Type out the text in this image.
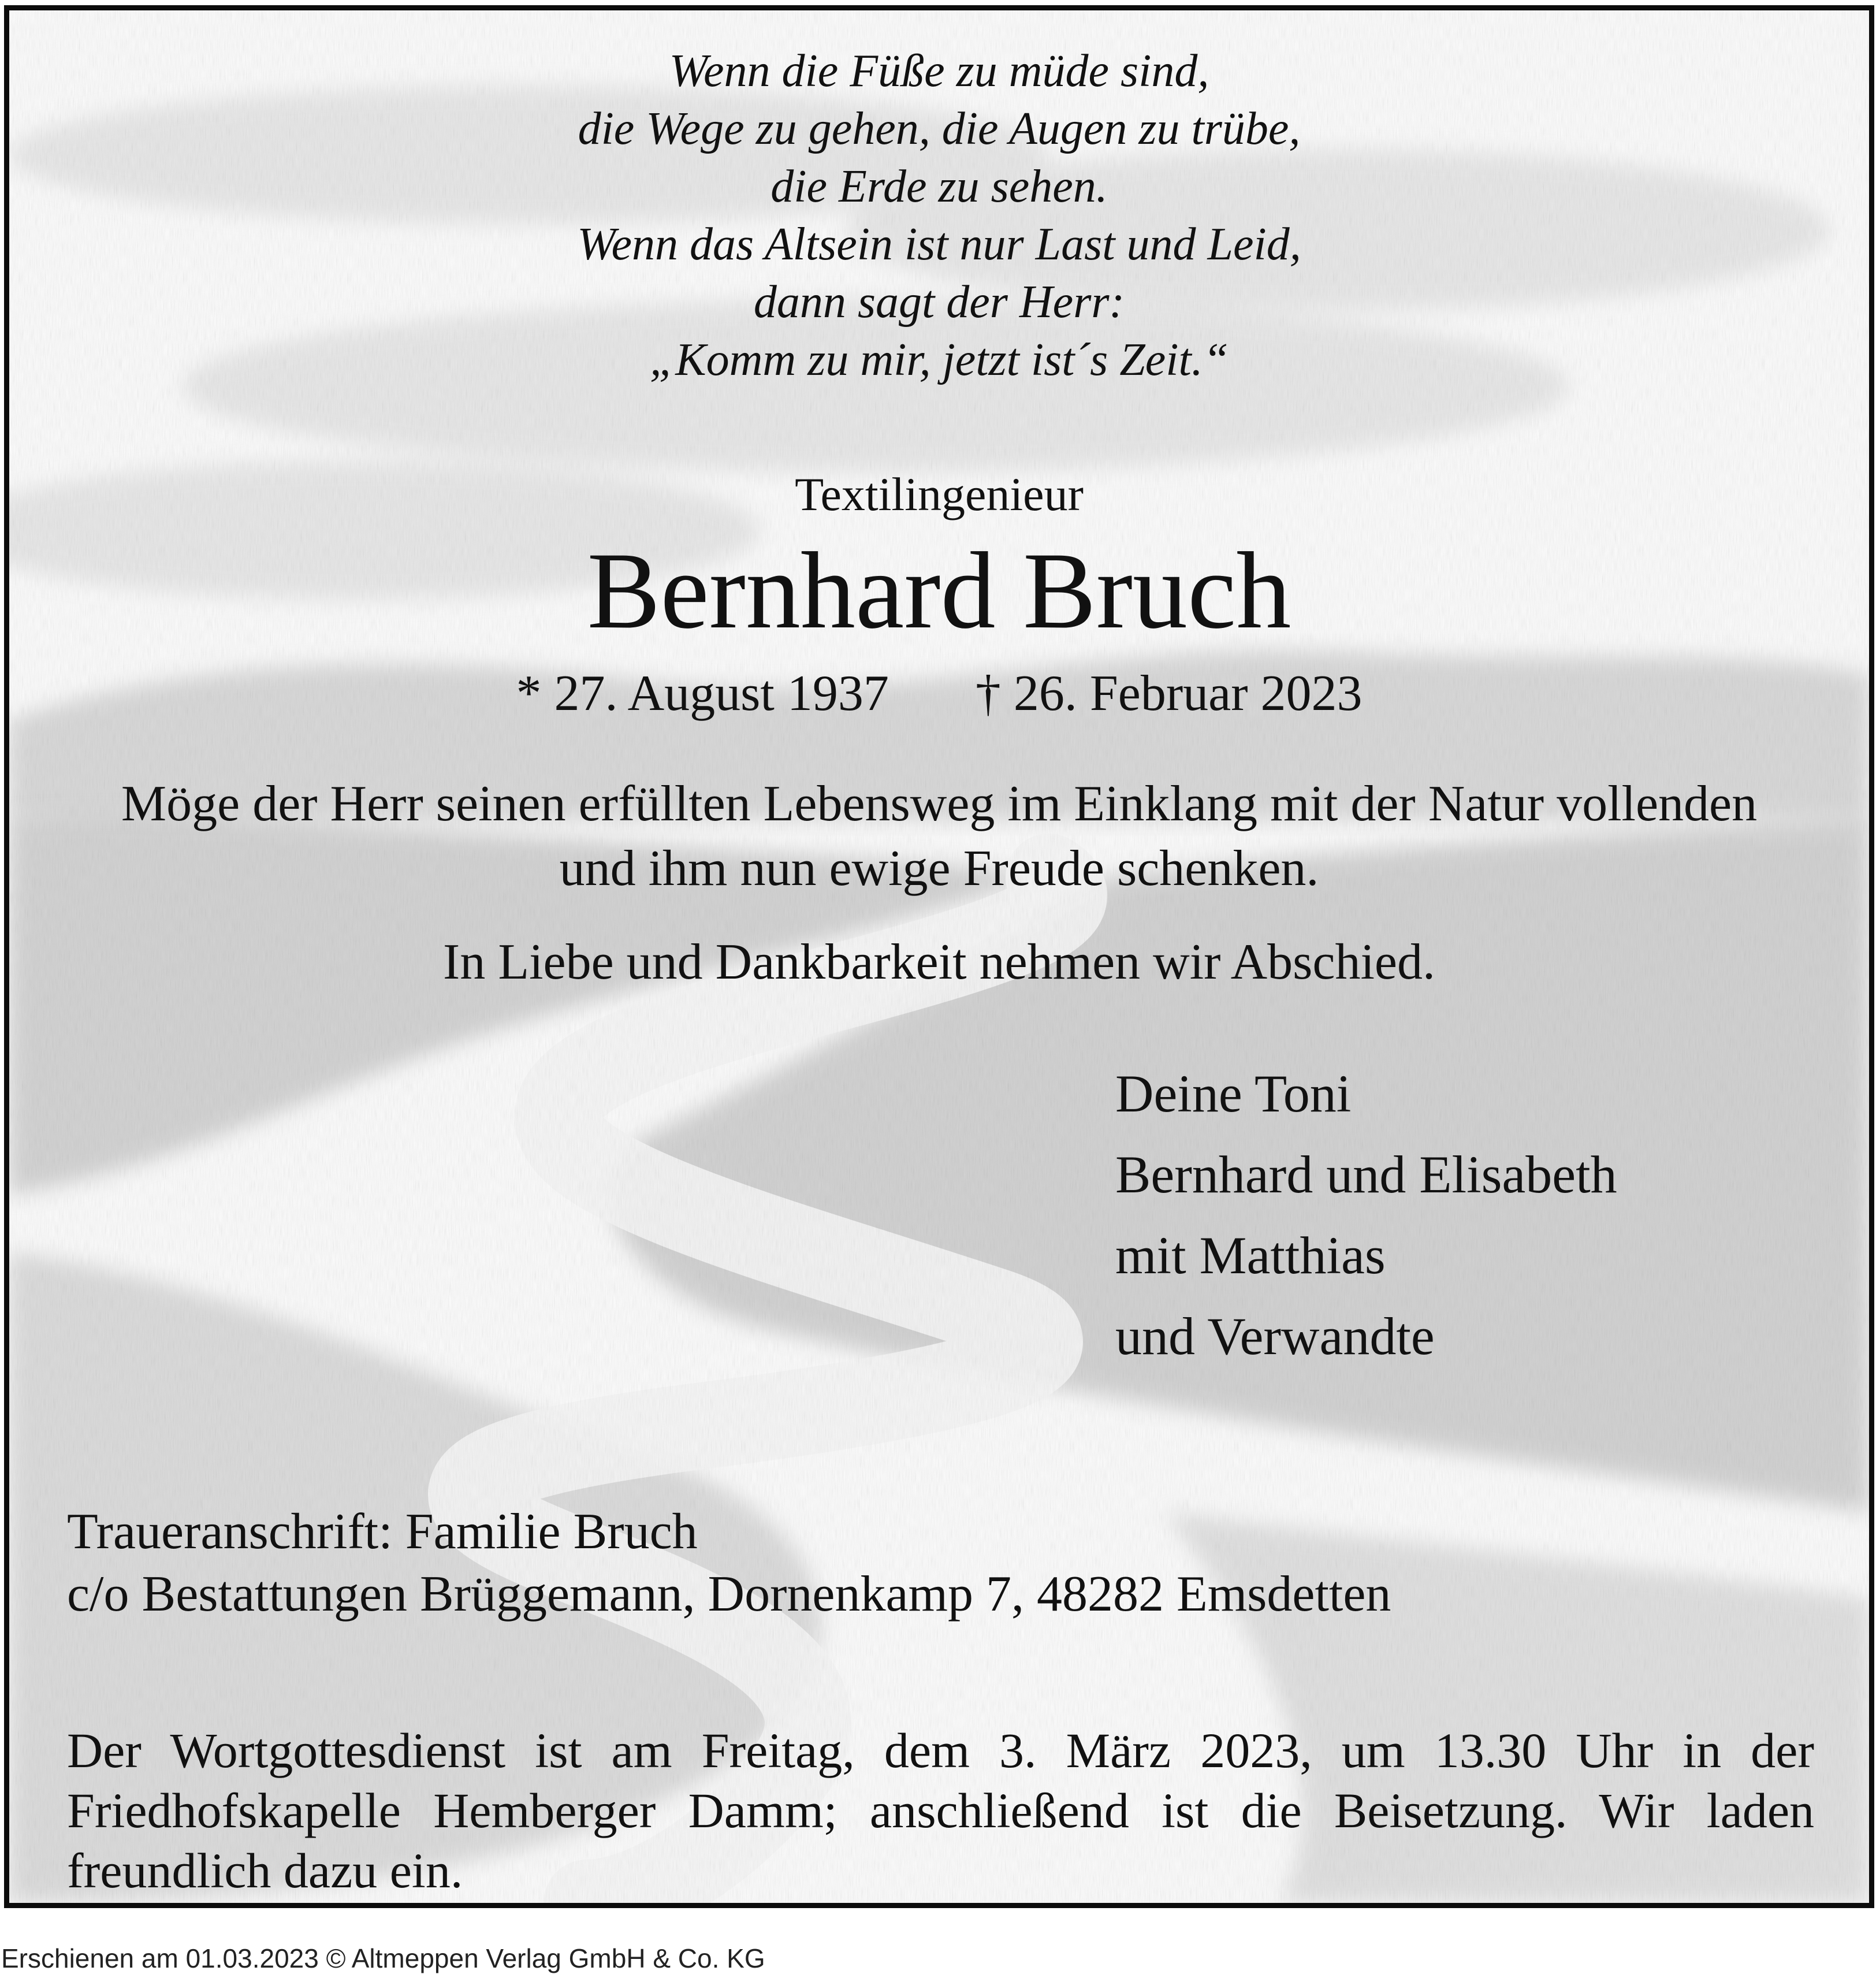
Wenn die Füße zu müde sind,
die Wege zu gehen, die Augen zu trübe,
die Erde zu sehen.
Wenn das Altsein ist nur Last und Leid,
dann sagt der Herr:
„Komm zu mir, jetzt ist´s Zeit.“
Textilingenieur
Bernhard Bruch
* 27. August 1937 † 26. Februar 2023
Möge der Herr seinen erfüllten Lebensweg im Einklang mit der Natur vollenden
und ihm nun ewige Freude schenken.
In Liebe und Dankbarkeit nehmen wir Abschied.
Deine Toni
Bernhard und Elisabeth
mit Matthias
und Verwandte
Traueranschrift: Familie Bruch
c/o Bestattungen Brüggemann, Dornenkamp 7, 48282 Emsdetten
Der Wortgottesdienst ist am Freitag, dem 3. März 2023, um 13.30 Uhr in der Friedhofskapelle Hemberger Damm; anschließend ist die Beisetzung. Wir laden freundlich dazu ein.
Erschienen am 01.03.2023 © Altmeppen Verlag GmbH & Co. KG
